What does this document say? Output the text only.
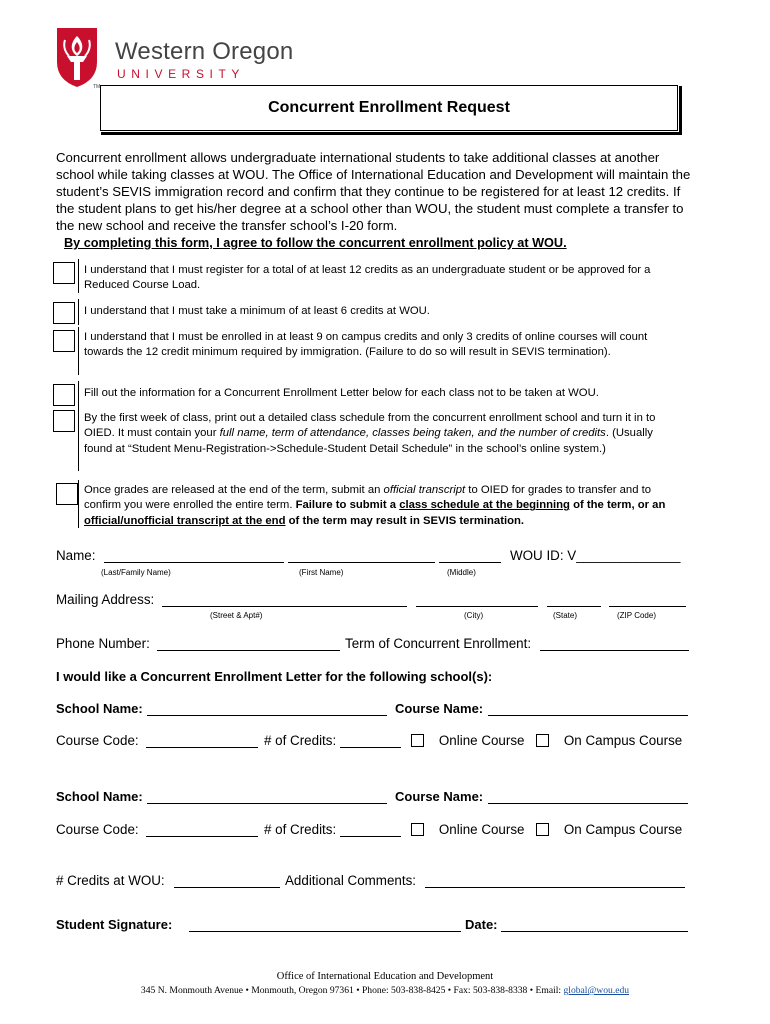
Western Oregon
UNIVERSITY
TM
Concurrent Enrollment Request
Concurrent enrollment allows undergraduate international students to take additional classes at another school while taking classes at WOU. The Office of International Education and Development will maintain the student’s SEVIS immigration record and confirm that they continue to be registered for at least 12 credits. If the student plans to get his/her degree at a school other than WOU, the student must complete a transfer to the new school and receive the transfer school’s I-20 form.
By completing this form, I agree to follow the concurrent enrollment policy at WOU.
I understand that I must register for a total of at least 12 credits as an undergraduate student or be approved for a Reduced Course Load.
I understand that I must take a minimum of at least 6 credits at WOU.
I understand that I must be enrolled in at least 9 on campus credits and only 3 credits of online courses will count towards the 12 credit minimum required by immigration. (Failure to do so will result in SEVIS termination).
Fill out the information for a Concurrent Enrollment Letter below for each class not to be taken at WOU.
By the first week of class, print out a detailed class schedule from the concurrent enrollment school and turn it in to OIED. It must contain your full name, term of attendance, classes being taken, and the number of credits. (Usually found at “Student Menu-Registration->Schedule-Student Detail Schedule” in the school’s online system.)
Once grades are released at the end of the term, submit an official transcript to OIED for grades to transfer and to confirm you were enrolled the entire term. Failure to submit a class schedule at the beginning of the term, or an official/unofficial transcript at the end of the term may result in SEVIS termination.
Name:	WOU ID: V______________
(Last/Family Name)	(First Name)	(Middle)
Mailing Address:
(Street & Apt#)	(City)	(State)	(ZIP Code)
Phone Number:	Term of Concurrent Enrollment:
I would like a Concurrent Enrollment Letter for the following school(s):
School Name:	Course Name:
Course Code:	# of Credits:	Online Course	On Campus Course
School Name:	Course Name:
Course Code:	# of Credits:	Online Course	On Campus Course
# Credits at WOU:	Additional Comments:
Student Signature:	Date:
Office of International Education and Development
345 N. Monmouth Avenue • Monmouth, Oregon 97361 • Phone: 503-838-8425 • Fax: 503-838-8338 • Email: global@wou.edu
